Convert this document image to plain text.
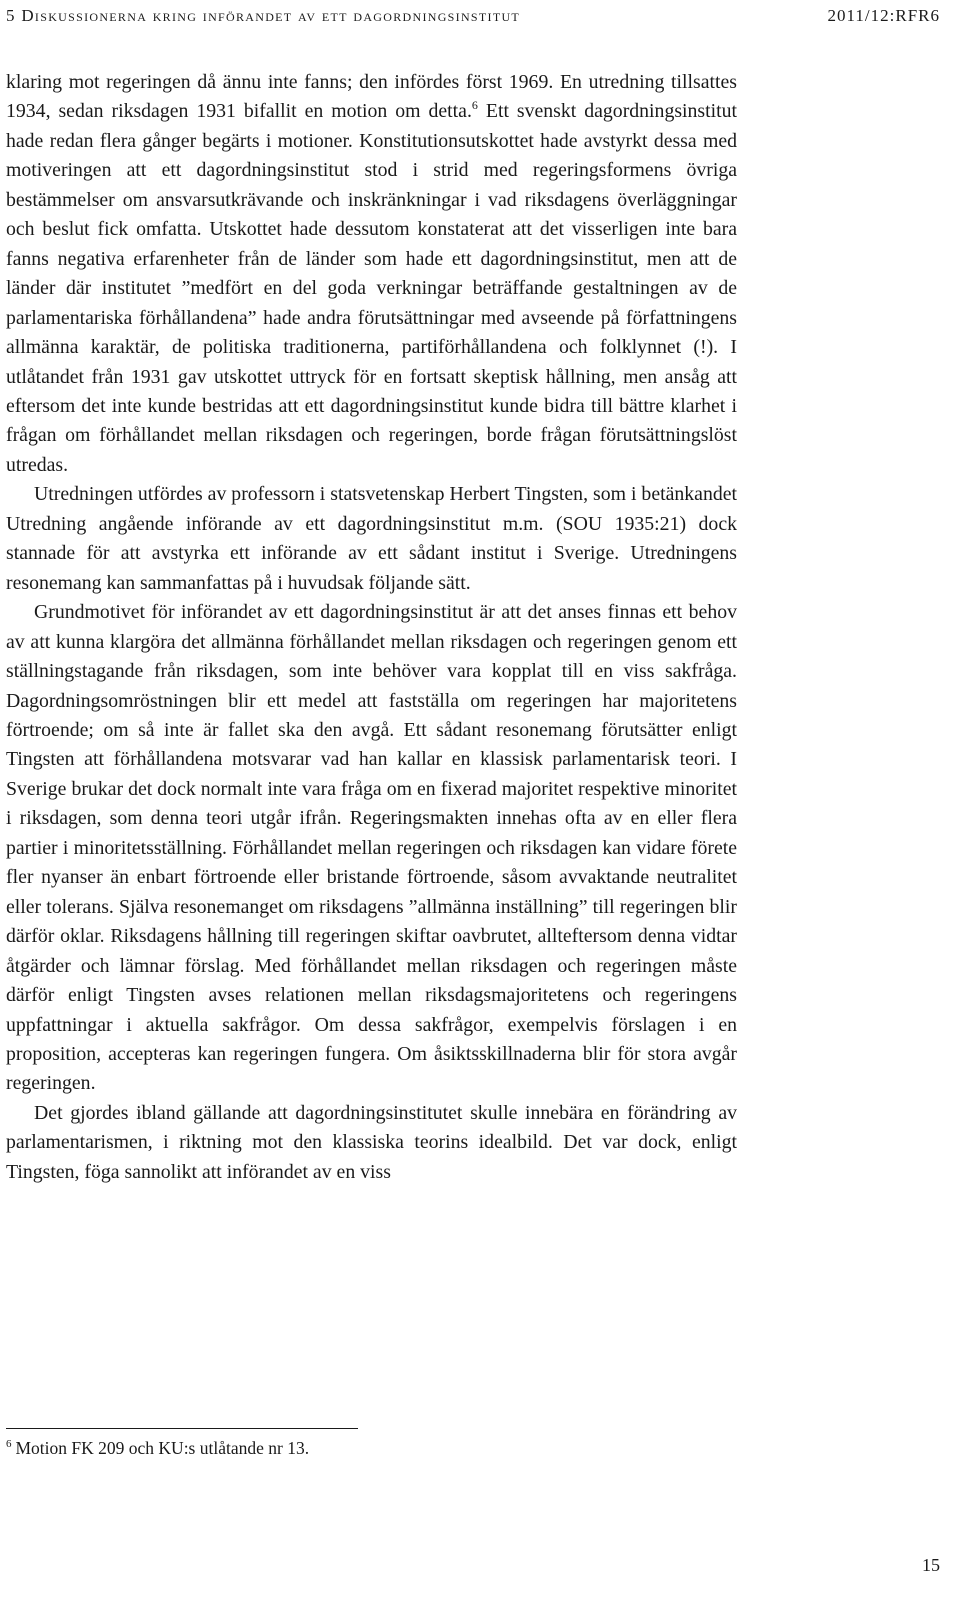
5 Diskussionerna kring införandet av ett dagordningsinstitut	2011/12:RFR6

klaring mot regeringen då ännu inte fanns; den infördes först 1969. En utredning tillsattes 1934, sedan riksdagen 1931 bifallit en motion om detta.$^6$ Ett svenskt dagordningsinstitut hade redan flera gånger begärts i motioner. Konstitutionsutskottet hade avstyrkt dessa med motiveringen att ett dagordningsinstitut stod i strid med regeringsformens övriga bestämmelser om ansvarsutkrävande och inskränkningar i vad riksdagens överläggningar och beslut fick omfatta. Utskottet hade dessutom konstaterat att det visserligen inte bara fanns negativa erfarenheter från de länder som hade ett dagordningsinstitut, men att de länder där institutet ”medfört en del goda verkningar beträffande gestaltningen av de parlamentariska förhållandena” hade andra förutsättningar med avseende på författningens allmänna karaktär, de politiska traditionerna, partiförhållandena och folklynnet (!). I utlåtandet från 1931 gav utskottet uttryck för en fortsatt skeptisk hållning, men ansåg att eftersom det inte kunde bestridas att ett dagordningsinstitut kunde bidra till bättre klarhet i frågan om förhållandet mellan riksdagen och regeringen, borde frågan förutsättningslöst utredas.

Utredningen utfördes av professorn i statsvetenskap Herbert Tingsten, som i betänkandet Utredning angående införande av ett dagordningsinstitut m.m. (SOU 1935:21) dock stannade för att avstyrka ett införande av ett sådant institut i Sverige. Utredningens resonemang kan sammanfattas på i huvudsak följande sätt.

Grundmotivet för införandet av ett dagordningsinstitut är att det anses finnas ett behov av att kunna klargöra det allmänna förhållandet mellan riksdagen och regeringen genom ett ställningstagande från riksdagen, som inte behöver vara kopplat till en viss sakfråga. Dagordningsomröstningen blir ett medel att fastställa om regeringen har majoritetens förtroende; om så inte är fallet ska den avgå. Ett sådant resonemang förutsätter enligt Tingsten att förhållandena motsvarar vad han kallar en klassisk parlamentarisk teori. I Sverige brukar det dock normalt inte vara fråga om en fixerad majoritet respektive minoritet i riksdagen, som denna teori utgår ifrån. Regeringsmakten innehas ofta av en eller flera partier i minoritetsställning. Förhållandet mellan regeringen och riksdagen kan vidare förete fler nyanser än enbart förtroende eller bristande förtroende, såsom avvaktande neutralitet eller tolerans. Själva resonemanget om riksdagens ”allmänna inställning” till regeringen blir därför oklar. Riksdagens hållning till regeringen skiftar oavbrutet, allteftersom denna vidtar åtgärder och lämnar förslag. Med förhållandet mellan riksdagen och regeringen måste därför enligt Tingsten avses relationen mellan riksdagsmajoritetens och regeringens uppfattningar i aktuella sakfrågor. Om dessa sakfrågor, exempelvis förslagen i en proposition, accepteras kan regeringen fungera. Om åsiktsskillnaderna blir för stora avgår regeringen.

Det gjordes ibland gällande att dagordningsinstitutet skulle innebära en förändring av parlamentarismen, i riktning mot den klassiska teorins idealbild. Det var dock, enligt Tingsten, föga sannolikt att införandet av en viss

$^6$ Motion FK 209 och KU:s utlåtande nr 13.
15
